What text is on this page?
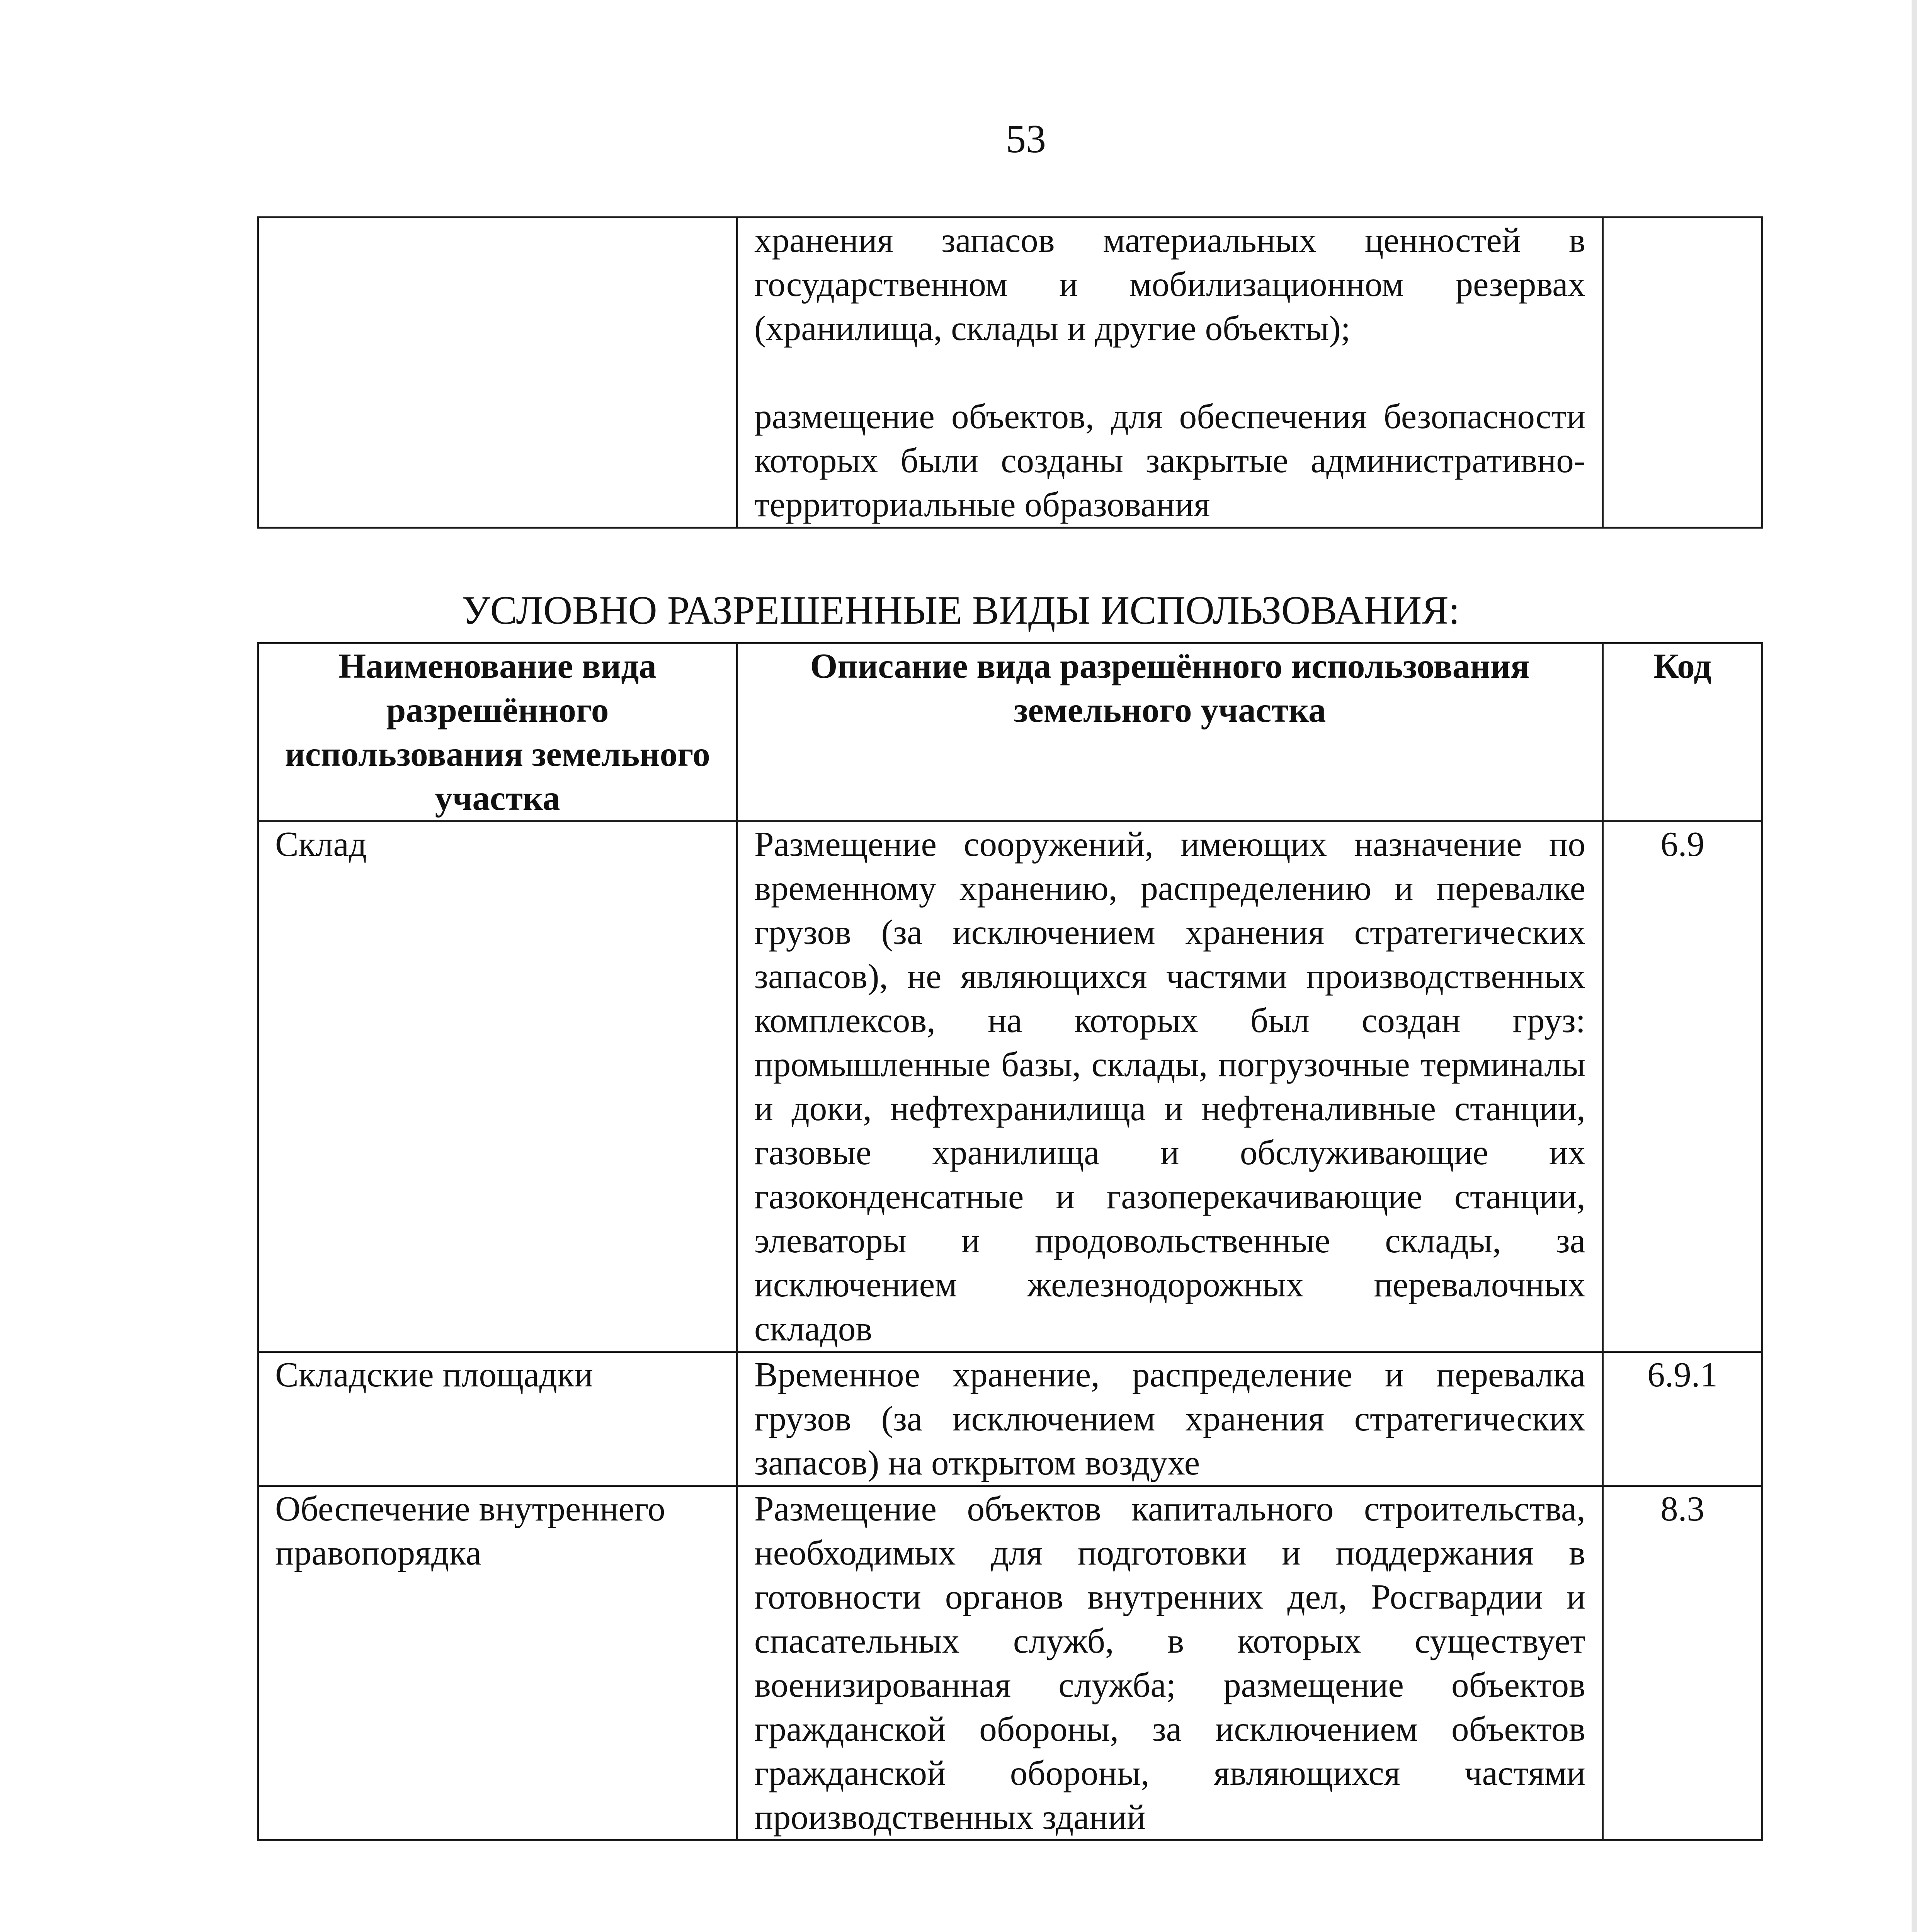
53

хранения запасов материальных ценностей в государственном и мобилизационном резервах (хранилища, склады и другие объекты);

размещение объектов, для обеспечения безопасности которых были созданы закрытые административно-территориальные образования

УСЛОВНО РАЗРЕШЕННЫЕ ВИДЫ ИСПОЛЬЗОВАНИЯ:
Наименование вида разрешённого использования земельного участка	Описание вида разрешённого использования земельного участка	Код
Склад	Размещение сооружений, имеющих назначение по временному хранению, распределению и перевалке грузов (за исключением хранения стратегических запасов), не являющихся частями производственных комплексов, на которых был создан груз: промышленные базы, склады, погрузочные терминалы и доки, нефтехранилища и нефтеналивные станции, газовые хранилища и обслуживающие их газоконденсатные и газоперекачивающие станции, элеваторы и продовольственные склады, за исключением железнодорожных перевалочных складов	6.9
Складские площадки	Временное хранение, распределение и перевалка грузов (за исключением хранения стратегических запасов) на открытом воздухе	6.9.1
Обеспечение внутреннего правопорядка	Размещение объектов капитального строительства, необходимых для подготовки и поддержания в готовности органов внутренних дел, Росгвардии и спасательных служб, в которых существует военизированная служба; размещение объектов гражданской обороны, за исключением объектов гражданской обороны, являющихся частями производственных зданий	8.3
